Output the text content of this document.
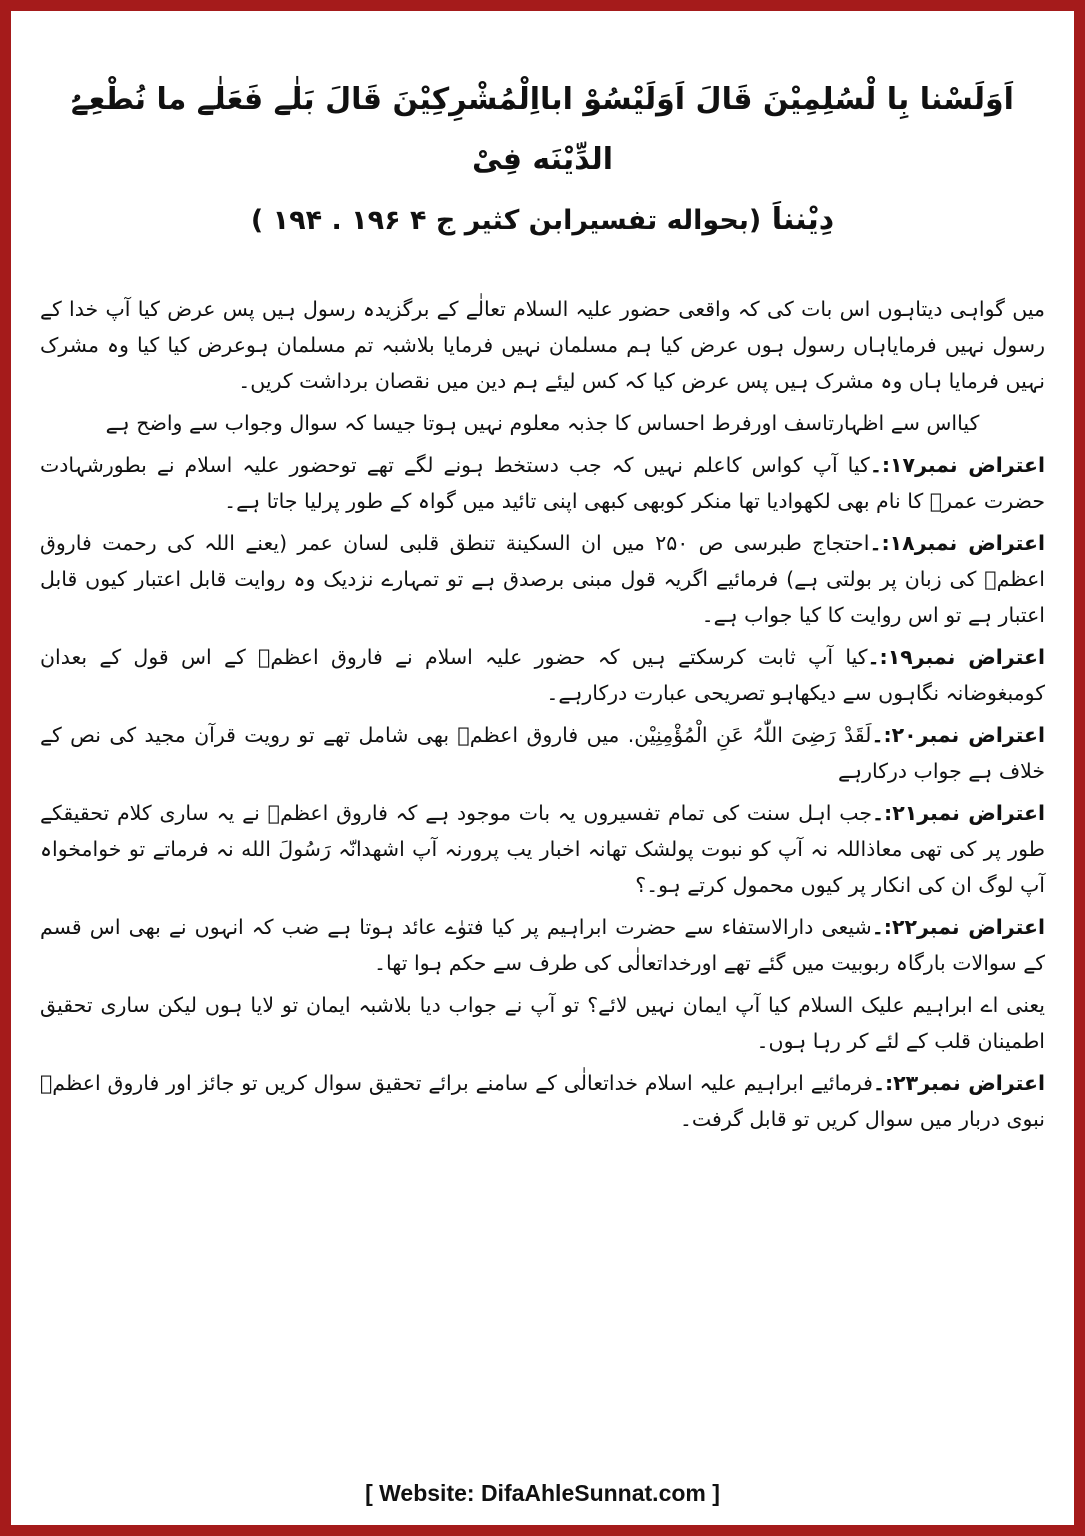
اَوَلَسْنا بِا لْسُلِمِیْنَ قَالَ اَوَلَیْسُوْ ابااِلْمُشْرِکِیْنَ قَالَ بَلٰے فَعَلٰے ما نُطْعِےُ الدِّیْنَه فِیْ
دِیْنناَ (بحواله تفسیرابن کثیر ج ۴ ۱۹۶ . ۱۹۴ )

میں گواہی دیتاہوں اس بات کی کہ واقعی حضور علیہ السلام تعالٰے کے برگزیدہ رسول ہیں پس عرض کیا آپ خدا کے رسول نہیں فرمایاہاں رسول ہوں عرض کیا ہم مسلمان نہیں فرمایا بلاشبہ تم مسلمان ہوعرض کیا کیا وہ مشرک نہیں فرمایا ہاں وہ مشرک ہیں پس عرض کیا کہ کس لیئے ہم دین میں نقصان برداشت کریں۔

کیااس سے اظہارتاسف اورفرط احساس کا جذبہ معلوم نہیں ہوتا جیسا کہ سوال وجواب سے واضح ہے

اعتراض نمبر۱۷:۔کیا آپ کواس کاعلم نہیں کہ جب دستخط ہونے لگے تھے توحضور علیہ اسلام نے بطورشہادت حضرت عمرؓ کا نام بھی لکھوادیا تھا منکر کوبھی کبھی اپنی تائید میں گواہ کے طور پرلیا جاتا ہے۔

اعتراض نمبر۱۸:۔احتجاج طبرسی ص ۲۵۰ میں ان السکینة تنطق قلبی لسان عمر (یعنے اللہ کی رحمت فاروق اعظمؓ کی زبان پر بولتی ہے) فرمائیے اگریہ قول مبنی برصدق ہے تو تمہارے نزدیک وہ روایت قابل اعتبار کیوں قابل اعتبار ہے تو اس روایت کا کیا جواب ہے۔

اعتراض نمبر۱۹:۔کیا آپ ثابت کرسکتے ہیں کہ حضور علیہ اسلام نے فاروق اعظمؓ کے اس قول کے بعدان کومبغوضانہ نگاہوں سے دیکھاہو تصریحی عبارت درکارہے۔

اعتراض نمبر۲۰:۔لَقَدْ رَضِیَ اللّٰہُ عَنِ الْمُؤْمِنِیْن. میں فاروق اعظمؓ بھی شامل تھے تو رویت قرآن مجید کی نص کے خلاف ہے جواب درکارہے

اعتراض نمبر۲۱:۔جب اہل سنت کی تمام تفسیروں یہ بات موجود ہے کہ فاروق اعظمؓ نے یہ ساری کلام تحقیقکے طور پر کی تھی معاذاللہ نہ آپ کو نبوت پولشک تھانہ اخبار یب پرورنہ آپ اشھدانّہ رَسُولَ الله نہ فرماتے تو خوامخواہ آپ لوگ ان کی انکار پر کیوں محمول کرتے ہو۔؟

اعتراض نمبر۲۲:۔شیعی دارالاستفاء سے حضرت ابراہیم پر کیا فتوٰے عائد ہوتا ہے ضب کہ انہوں نے بھی اس قسم کے سوالات بارگاہ ربوبیت میں گئے تھے اورخداتعالٰی کی طرف سے حکم ہوا تھا۔

یعنی اے ابراہیم علیک السلام کیا آپ ایمان نہیں لائے؟ تو آپ نے جواب دیا بلاشبہ ایمان تو لایا ہوں لیکن ساری تحقیق اطمینان قلب کے لئے کر رہا ہوں۔

اعتراض نمبر۲۳:۔فرمائیے ابراہیم علیہ اسلام خداتعالٰی کے سامنے برائے تحقیق سوال کریں تو جائز اور فاروق اعظمؓ نبوی دربار میں سوال کریں تو قابل گرفت۔

[ Website: DifaAhleSunnat.com ]
